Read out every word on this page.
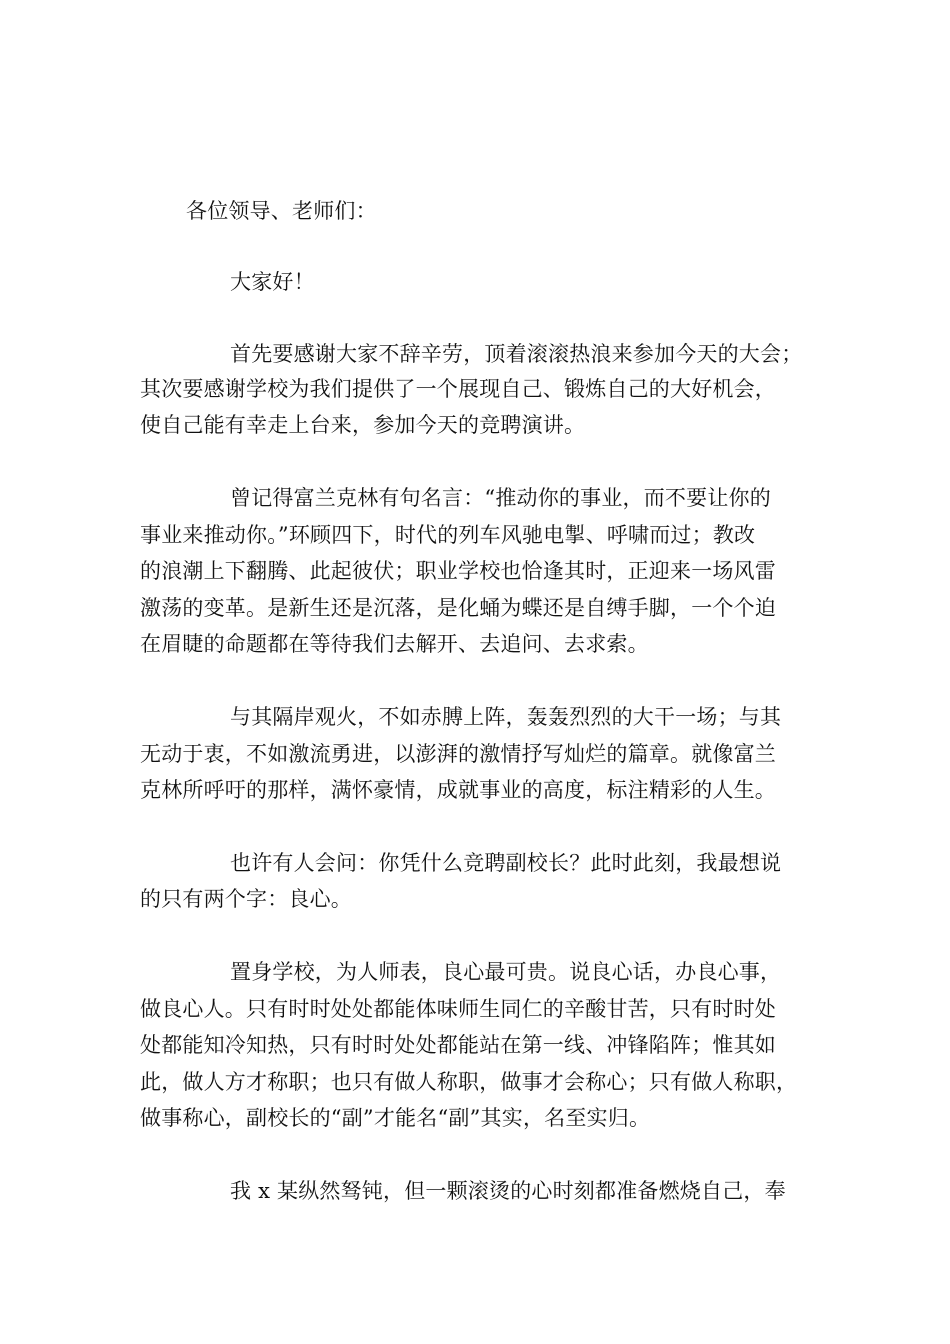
各位领导、老师们：
大家好！
首先要感谢大家不辞辛劳，顶着滚滚热浪来参加今天的大会；
其次要感谢学校为我们提供了一个展现自己、锻炼自己的大好机会，
使自己能有幸走上台来，参加今天的竞聘演讲。
曾记得富兰克林有句名言：“推动你的事业，而不要让你的
事业来推动你。”环顾四下，时代的列车风驰电掣、呼啸而过；教改
的浪潮上下翻腾、此起彼伏；职业学校也恰逢其时，正迎来一场风雷
激荡的变革。是新生还是沉落，是化蛹为蝶还是自缚手脚，一个个迫
在眉睫的命题都在等待我们去解开、去追问、去求索。
与其隔岸观火，不如赤膊上阵，轰轰烈烈的大干一场；与其
无动于衷，不如激流勇进，以澎湃的激情抒写灿烂的篇章。就像富兰
克林所呼吁的那样，满怀豪情，成就事业的高度，标注精彩的人生。
也许有人会问：你凭什么竞聘副校长？此时此刻，我最想说
的只有两个字：良心。
置身学校，为人师表，良心最可贵。说良心话，办良心事，
做良心人。只有时时处处都能体味师生同仁的辛酸甘苦，只有时时处
处都能知冷知热，只有时时处处都能站在第一线、冲锋陷阵；惟其如
此，做人方才称职；也只有做人称职，做事才会称心；只有做人称职，
做事称心，副校长的“副”才能名“副”其实，名至实归。
我 x 某纵然驽钝，但一颗滚烫的心时刻都准备燃烧自己，奉
